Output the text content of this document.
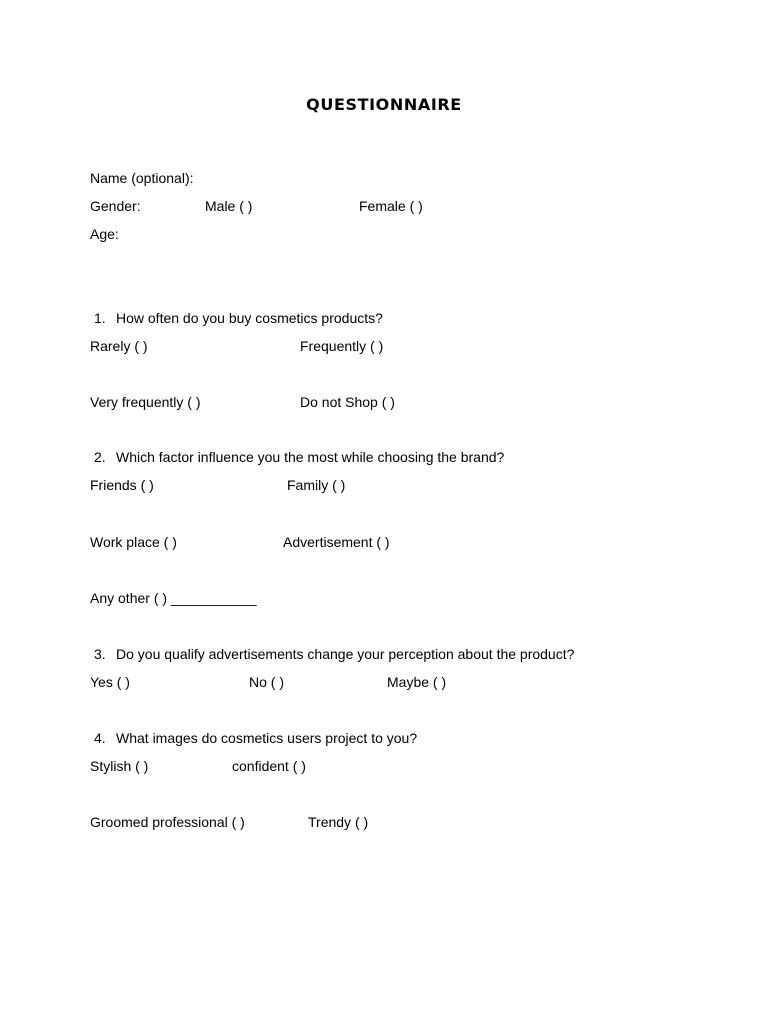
QUESTIONNAIRE
Name (optional):
Gender:	Male ( )	Female ( )
Age:
1. How often do you buy cosmetics products?
Rarely ( )	Frequently ( )
Very frequently ( )	Do not Shop ( )
2. Which factor influence you the most while choosing the brand?
Friends ( )	Family ( )
Work place ( )	Advertisement ( )
Any other ( ) ___________
3. Do you qualify advertisements change your perception about the product?
Yes ( )	No ( )	Maybe ( )
4. What images do cosmetics users project to you?
Stylish ( )	confident ( )
Groomed professional ( )	Trendy ( )
